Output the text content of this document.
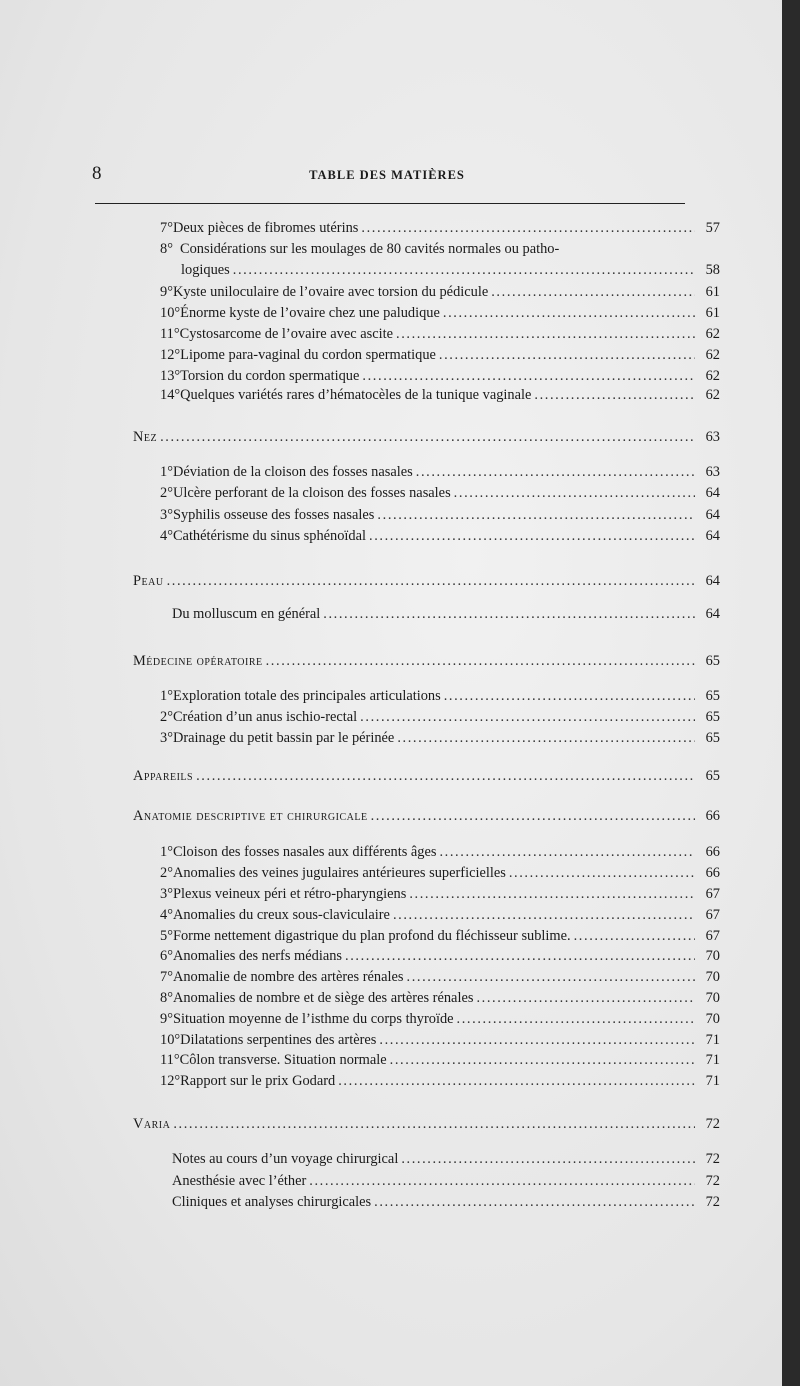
8	TABLE DES MATIÈRES
7° Deux pièces de fibromes utérins . . .	57
8° Considérations sur les moulages de 80 cavités normales ou patho-
logiques . . .	58
9° Kyste uniloculaire de l’ovaire avec torsion du pédicule . . .	61
10° Énorme kyste de l’ovaire chez une paludique . . .	61
11° Cystosarcome de l’ovaire avec ascite . . .	62
12° Lipome para-vaginal du cordon spermatique . . .	62
13° Torsion du cordon spermatique . . .	62
14° Quelques variétés rares d’hématocèles de la tunique vaginale . . .	62
Nez . . .	63
1° Déviation de la cloison des fosses nasales . . .	63
2° Ulcère perforant de la cloison des fosses nasales . . .	64
3° Syphilis osseuse des fosses nasales . . .	64
4° Cathétérisme du sinus sphénoïdal . . .	64
Peau . . .	64
Du molluscum en général . . .	64
Médecine opératoire . . .	65
1° Exploration totale des principales articulations . . .	65
2° Création d’un anus ischio-rectal . . .	65
3° Drainage du petit bassin par le périnée . . .	65
Appareils . . .	65
Anatomie descriptive et chirurgicale . . .	66
1° Cloison des fosses nasales aux différents âges . . .	66
2° Anomalies des veines jugulaires antérieures superficielles . . .	66
3° Plexus veineux péri et rétro-pharyngiens . . .	67
4° Anomalies du creux sous-claviculaire . . .	67
5° Forme nettement digastrique du plan profond du fléchisseur sublime. . . .	67
6° Anomalies des nerfs médians . . .	70
7° Anomalie de nombre des artères rénales . . .	70
8° Anomalies de nombre et de siège des artères rénales . . .	70
9° Situation moyenne de l’isthme du corps thyroïde . . .	70
10° Dilatations serpentines des artères . . .	71
11° Côlon transverse. Situation normale . . .	71
12° Rapport sur le prix Godard . . .	71
Varia . . .	72
Notes au cours d’un voyage chirurgical . . .	72
Anesthésie avec l’éther . . .	72
Cliniques et analyses chirurgicales . . .	72
